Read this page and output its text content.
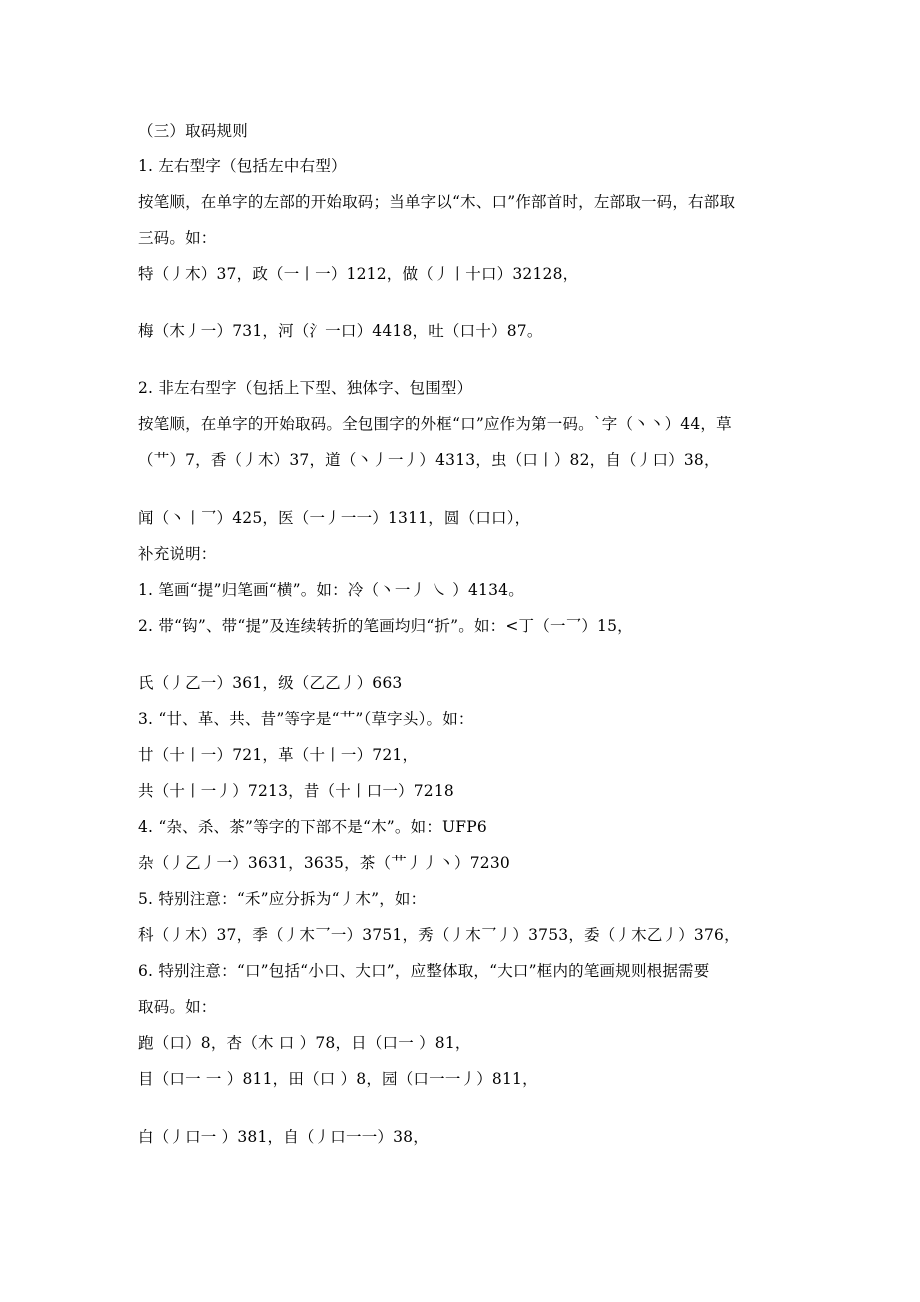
（三）取码规则
1. 左右型字（包括左中右型）
按笔顺，在单字的左部的开始取码；当单字以“木、口”作部首时，左部取一码，右部取
三码。如：
特（丿木）37，政（一丨一）1212，做（丿丨十口）32128，
梅（木丿一）731，河（氵一口）4418，吐（口十）87。
2. 非左右型字（包括上下型、独体字、包围型）
按笔顺，在单字的开始取码。全包围字的外框“口”应作为第一码。`字（丶丶）44，草
（艹）7，香（丿木）37，道（丶丿一丿）4313，虫（口丨）82，自（丿口）38，
闻（丶丨乛）425，医（一丿一一）1311，圆（口口），
补充说明：
1. 笔画“提”归笔画“横”。如：冷（丶一丿 ㇏ ）4134。
2. 带“钩”、带“提”及连续转折的笔画均归“折”。如：<丁（一乛）15，
氏（丿乙一）361，级（乙乙丿）663
3. “廿、革、共、昔”等字是“艹”（草字头）。如：
廿（十丨一）721，革（十丨一）721，
共（十丨一丿）7213，昔（十丨口一）7218
4. “杂、杀、茶”等字的下部不是“木”。如：UFP6
杂（丿乙丿一）3631，3635，茶（艹丿丿丶）7230
5. 特别注意：“禾”应分拆为“丿木”，如：
科（丿木）37，季（丿木乛一）3751，秀（丿木乛丿）3753，委（丿木乙丿）376，
6. 特别注意：“口”包括“小口、大口”，应整体取，“大口”框内的笔画规则根据需要
取码。如：
跑（口）8，杏（木 口 ）78，日（口一 ）81，
目（口一 一 ）811，田（口 ）8，园（口一一丿）811，
白（丿口一 ）381，自（丿口一一）38，
